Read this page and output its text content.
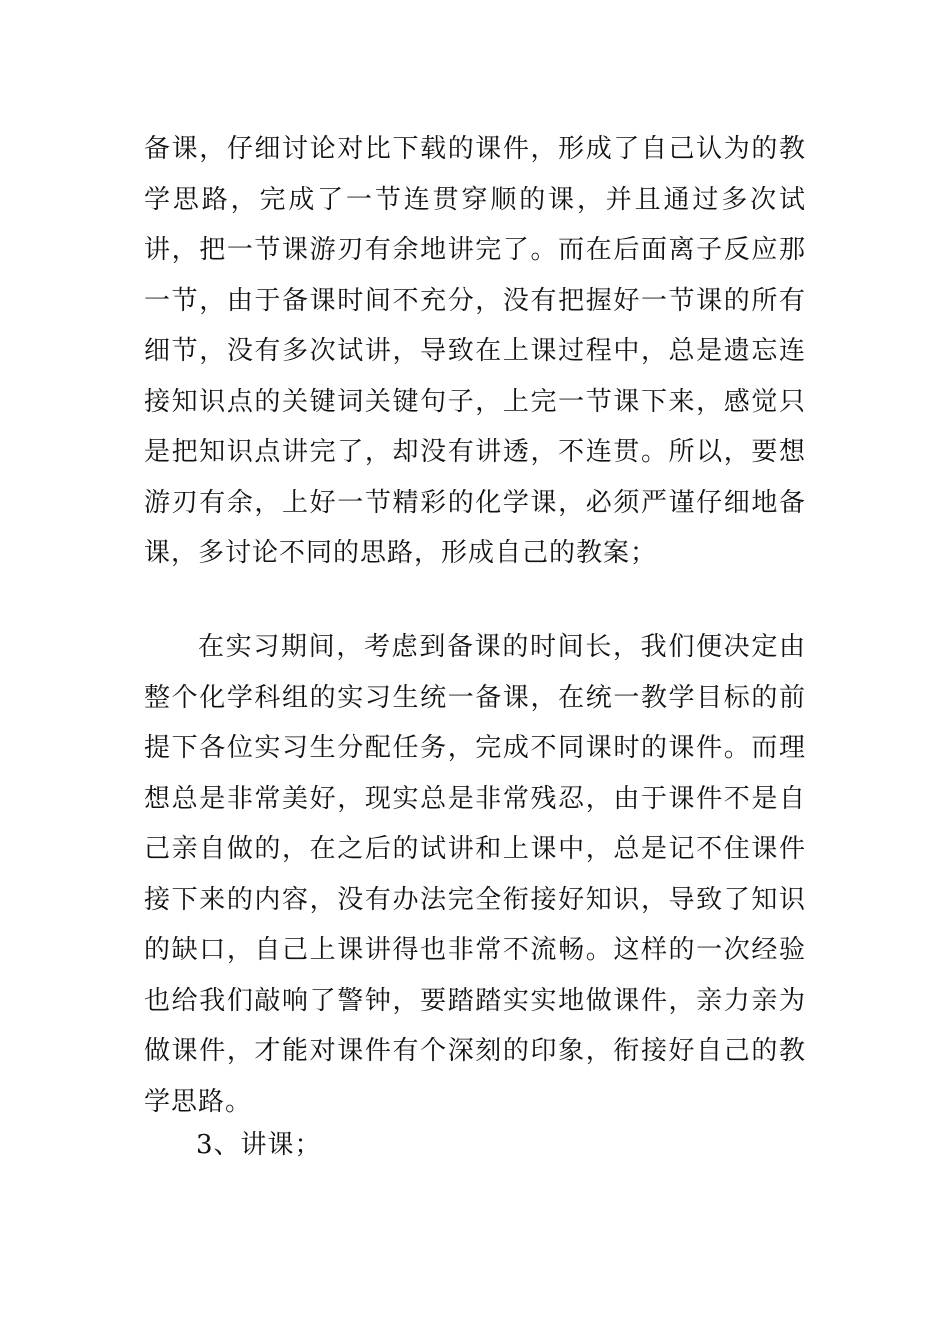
备课，仔细讨论对比下载的课件，形成了自己认为的教学思路，完成了一节连贯穿顺的课，并且通过多次试讲，把一节课游刃有余地讲完了。而在后面离子反应那一节，由于备课时间不充分，没有把握好一节课的所有细节，没有多次试讲，导致在上课过程中，总是遗忘连接知识点的关键词关键句子，上完一节课下来，感觉只是把知识点讲完了，却没有讲透，不连贯。所以，要想游刃有余，上好一节精彩的化学课，必须严谨仔细地备课，多讨论不同的思路，形成自己的教案；

在实习期间，考虑到备课的时间长，我们便决定由整个化学科组的实习生统一备课，在统一教学目标的前提下各位实习生分配任务，完成不同课时的课件。而理想总是非常美好，现实总是非常残忍，由于课件不是自己亲自做的，在之后的试讲和上课中，总是记不住课件接下来的内容，没有办法完全衔接好知识，导致了知识的缺口，自己上课讲得也非常不流畅。这样的一次经验也给我们敲响了警钟，要踏踏实实地做课件，亲力亲为做课件，才能对课件有个深刻的印象，衔接好自己的教学思路。

3、讲课；
